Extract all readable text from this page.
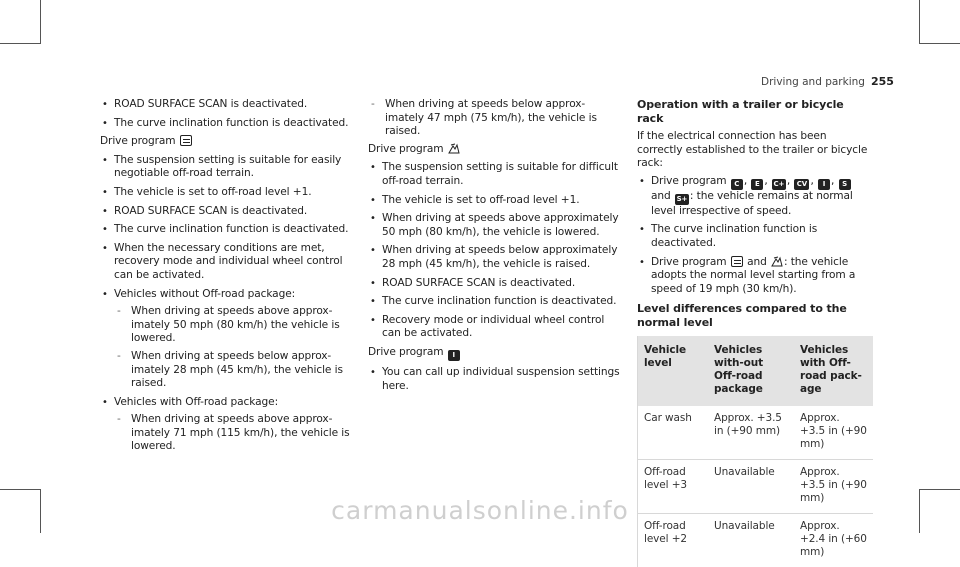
Driving and parking 255
• ROAD SURFACE SCAN is deactivated.
• The curve inclination function is deactivated.

Drive program

• The suspension setting is suitable for easily negotiable off-road terrain.
• The vehicle is set to off-road level +1.
• ROAD SURFACE SCAN is deactivated.
• The curve inclination function is deactivated.
• When the necessary conditions are met, recovery mode and individual wheel control can be activated.
• Vehicles without Off-road package:
- When driving at speeds above approx-imately 50 mph (80 km/h) the vehicle is lowered.
- When driving at speeds below approx-imately 28 mph (45 km/h), the vehicle is raised.
• Vehicles with Off-road package:
- When driving at speeds above approx-imately 71 mph (115 km/h), the vehicle is lowered.
- When driving at speeds below approx-imately 47 mph (75 km/h), the vehicle is raised.

Drive program

• The suspension setting is suitable for difficult off-road terrain.
• The vehicle is set to off-road level +1.
• When driving at speeds above approximately 50 mph (80 km/h), the vehicle is lowered.
• When driving at speeds below approximately 28 mph (45 km/h), the vehicle is raised.
• ROAD SURFACE SCAN is deactivated.
• The curve inclination function is deactivated.
• Recovery mode or individual wheel control can be activated.

Drive program I

• You can call up individual suspension settings here.
Operation with a trailer or bicycle rack

If the electrical connection has been correctly established to the trailer or bicycle rack:

• Drive program C , E , C+ , CV , I , S and S+ : the vehicle remains at normal level irrespective of speed.
• The curve inclination function is deactivated.
• Drive program and : the vehicle adopts the normal level starting from a speed of 19 mph (30 km/h).
Level differences compared to the normal level
Vehicle level	Vehicles with-out Off-road package	Vehicles with Off-road pack-age
Car wash	Approx. +3.5 in (+90 mm)	Approx. +3.5 in (+90 mm)
Off-road level +3	Unavailable	Approx. +3.5 in (+90 mm)
Off-road level +2	Unavailable	Approx. +2.4 in (+60 mm)
carmanualsonline.info
